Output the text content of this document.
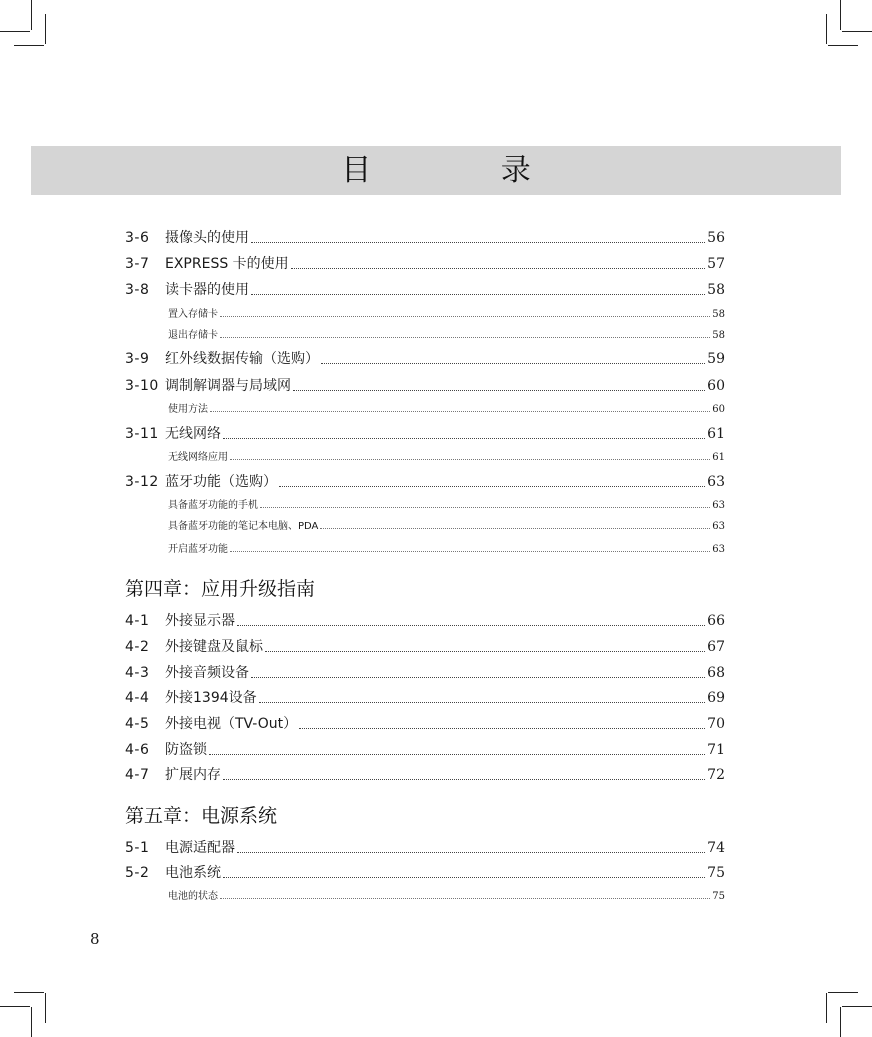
目 录
3-6	摄像头的使用	56
3-7	EXPRESS 卡的使用	57
3-8	读卡器的使用	58
置入存储卡	58
退出存储卡	58
3-9	红外线数据传输（选购）	59
3-10 调制解调器与局域网	60
使用方法	60
3-11 无线网络	61
无线网络应用	61
3-12 蓝牙功能（选购）	63
具备蓝牙功能的手机	63
具备蓝牙功能的笔记本电脑、PDA	63
开启蓝牙功能	63
第四章：应用升级指南
4-1	外接显示器	66
4-2	外接键盘及鼠标	67
4-3	外接音频设备	68
4-4	外接1394设备	69
4-5	外接电视（TV-Out）	70
4-6	防盗锁	71
4-7	扩展内存	72
第五章：电源系统
5-1	电源适配器	74
5-2	电池系统	75
电池的状态	75
8
